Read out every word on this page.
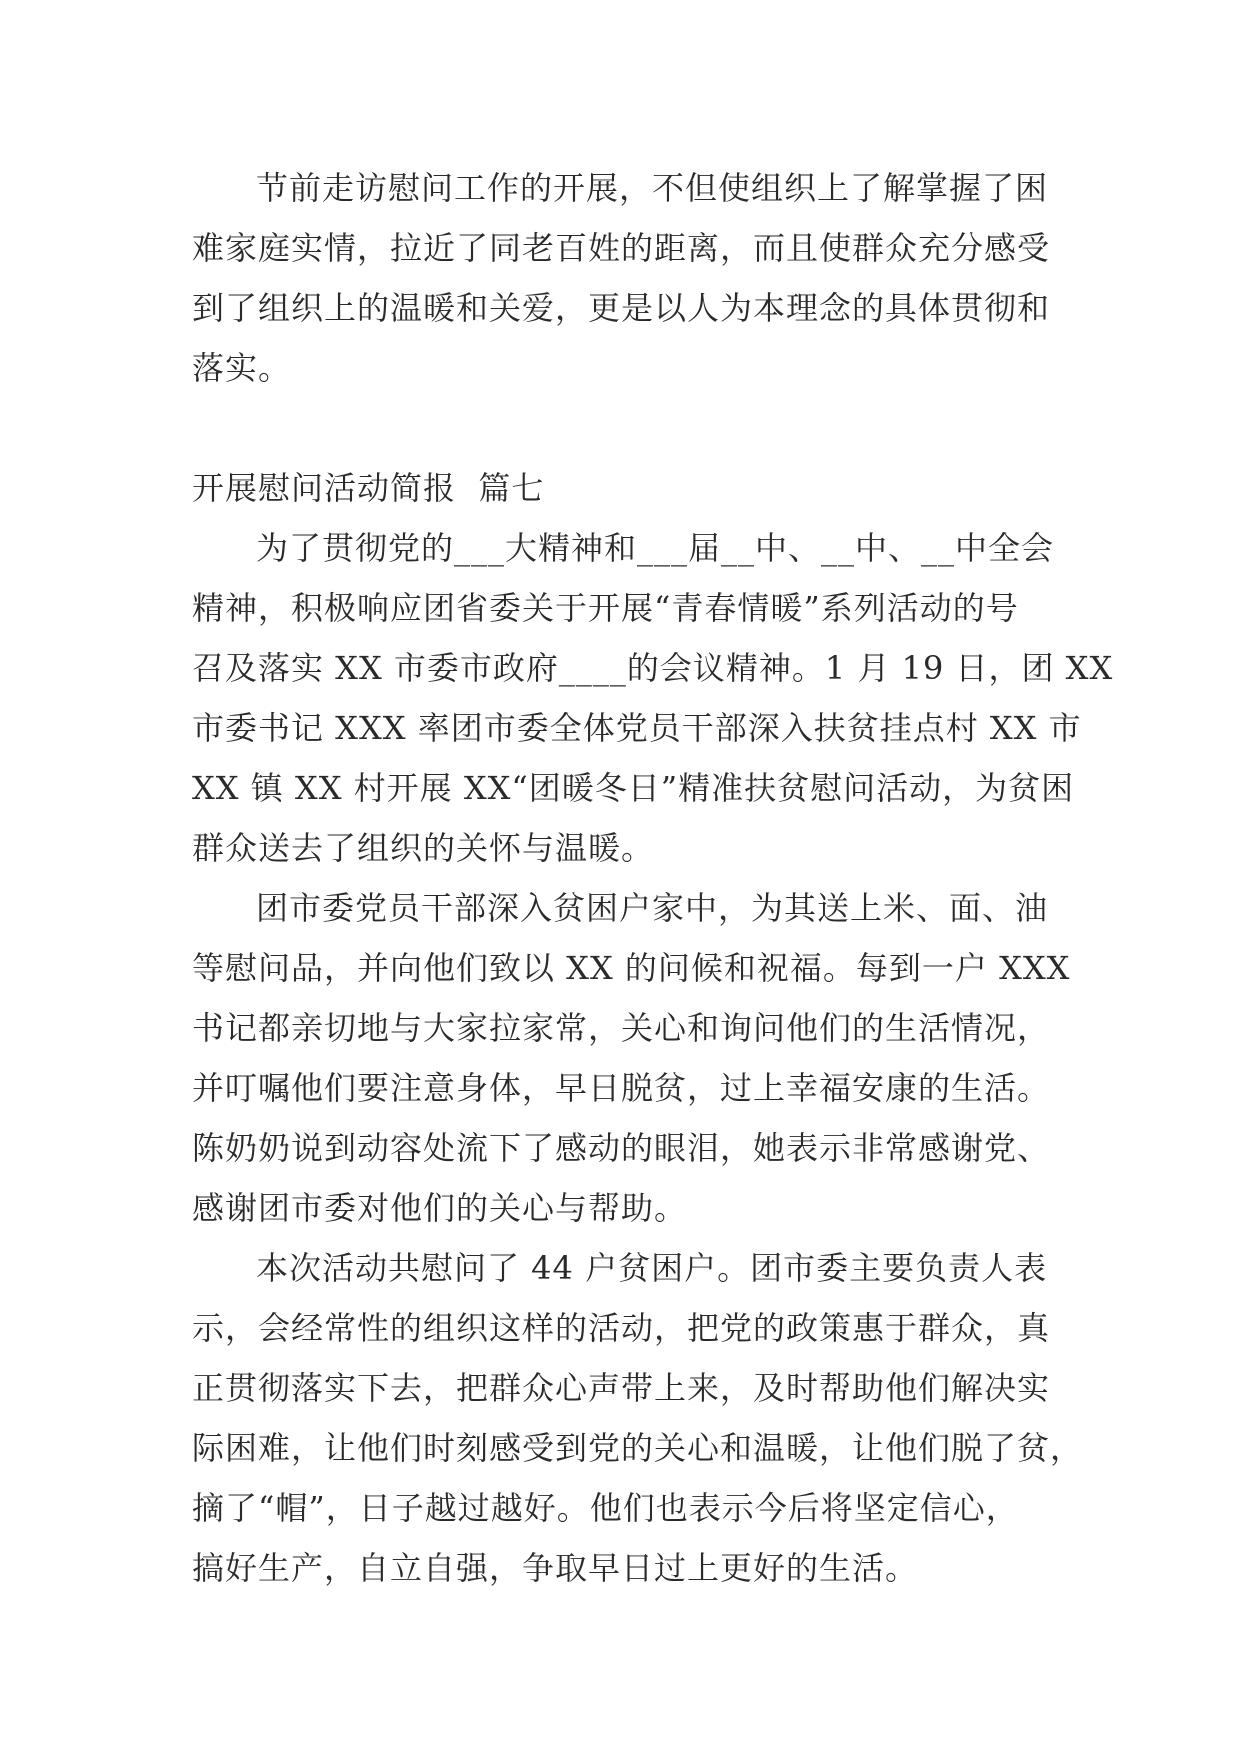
节前走访慰问工作的开展，不但使组织上了解掌握了困
难家庭实情，拉近了同老百姓的距离，而且使群众充分感受
到了组织上的温暖和关爱，更是以人为本理念的具体贯彻和
落实。
开展慰问活动简报  篇七
为了贯彻党的___大精神和___届__中、__中、__中全会
精神，积极响应团省委关于开展“青春情暖”系列活动的号
召及落实 XX 市委市政府____的会议精神。1 月 19 日，团 XX
市委书记 XXX 率团市委全体党员干部深入扶贫挂点村 XX 市
XX 镇 XX 村开展 XX“团暖冬日”精准扶贫慰问活动，为贫困
群众送去了组织的关怀与温暖。
团市委党员干部深入贫困户家中，为其送上米、面、油
等慰问品，并向他们致以 XX 的问候和祝福。每到一户 XXX
书记都亲切地与大家拉家常，关心和询问他们的生活情况，
并叮嘱他们要注意身体，早日脱贫，过上幸福安康的生活。
陈奶奶说到动容处流下了感动的眼泪，她表示非常感谢党、
感谢团市委对他们的关心与帮助。
本次活动共慰问了 44 户贫困户。团市委主要负责人表
示，会经常性的组织这样的活动，把党的政策惠于群众，真
正贯彻落实下去，把群众心声带上来，及时帮助他们解决实
际困难，让他们时刻感受到党的关心和温暖，让他们脱了贫，
摘了“帽”，日子越过越好。他们也表示今后将坚定信心，
搞好生产，自立自强，争取早日过上更好的生活。
